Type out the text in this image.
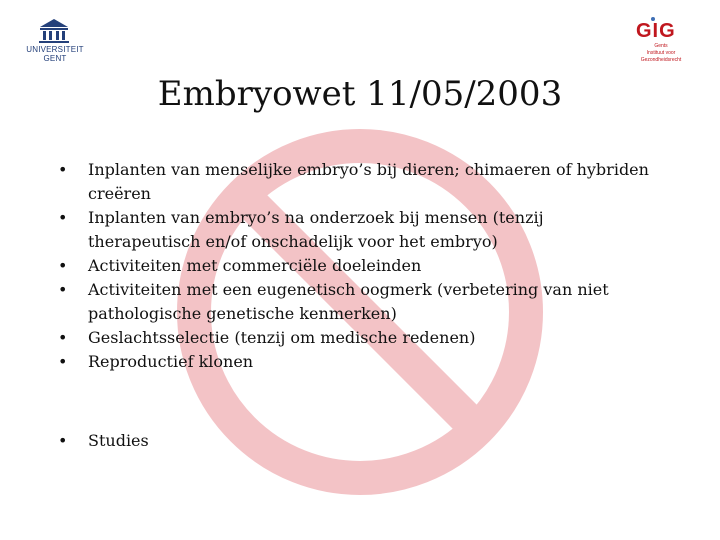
UNIVERSITEIT
GENT
GIG
Gents
Instituut voor
Gezondheidsrecht
Embryowet 11/05/2003
• Inplanten van menselijke embryo’s bij dieren; chimaeren of hybriden creëren
• Inplanten van embryo’s na onderzoek bij mensen (tenzij therapeutisch en/of onschadelijk voor het embryo)
• Activiteiten met commerciële doeleinden
• Activiteiten met een eugenetisch oogmerk (verbetering van niet pathologische genetische kenmerken)
• Geslachtsselectie (tenzij om medische redenen)
• Reproductief klonen
• Studies
